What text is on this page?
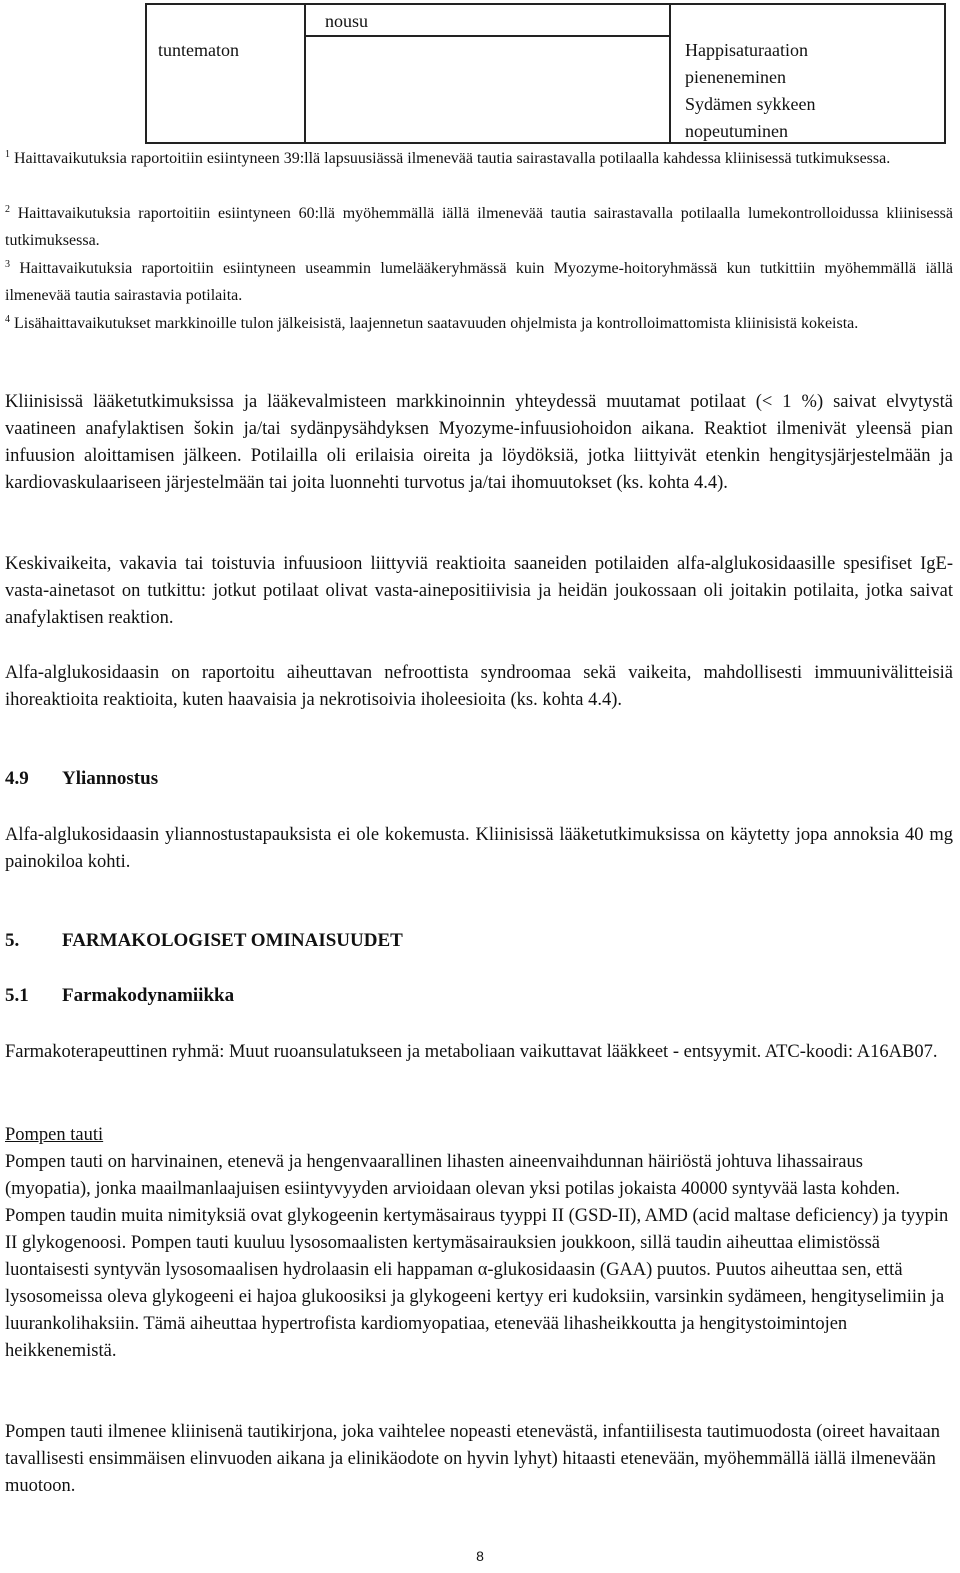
nousu
tuntematon	Happisaturaation
pieneneminen
Sydämen sykkeen
nopeutuminen
$^1$ Haittavaikutuksia raportoitiin esiintyneen 39:llä lapsuusiässä ilmenevää tautia sairastavalla potilaalla kahdessa kliinisessä tutkimuksessa.
$^2$ Haittavaikutuksia raportoitiin esiintyneen 60:llä myöhemmällä iällä ilmenevää tautia sairastavalla potilaalla lumekontrolloidussa kliinisessä tutkimuksessa.
$^3$ Haittavaikutuksia raportoitiin esiintyneen useammin lumelääkeryhmässä kuin Myozyme-hoitoryhmässä kun tutkittiin myöhemmällä iällä ilmenevää tautia sairastavia potilaita.
$^4$ Lisähaittavaikutukset markkinoille tulon jälkeisistä, laajennetun saatavuuden ohjelmista ja kontrolloimattomista kliinisistä kokeista.
Kliinisissä lääketutkimuksissa ja lääkevalmisteen markkinoinnin yhteydessä muutamat potilaat (< 1 %) saivat elvytystä vaatineen anafylaktisen šokin ja/tai sydänpysähdyksen Myozyme-infuusiohoidon aikana. Reaktiot ilmenivät yleensä pian infuusion aloittamisen jälkeen. Potilailla oli erilaisia oireita ja löydöksiä, jotka liittyivät etenkin hengitysjärjestelmään ja kardiovaskulaariseen järjestelmään tai joita luonnehti turvotus ja/tai ihomuutokset (ks. kohta 4.4).
Keskivaikeita, vakavia tai toistuvia infuusioon liittyviä reaktioita saaneiden potilaiden alfa-alglukosidaasille spesifiset IgE-vasta-ainetasot on tutkittu: jotkut potilaat olivat vasta-ainepositiivisia ja heidän joukossaan oli joitakin potilaita, jotka saivat anafylaktisen reaktion.
Alfa-alglukosidaasin on raportoitu aiheuttavan nefroottista syndroomaa sekä vaikeita, mahdollisesti immuunivälitteisiä ihoreaktioita reaktioita, kuten haavaisia ja nekrotisoivia iholeesioita (ks. kohta 4.4).
4.9 Yliannostus
Alfa-alglukosidaasin yliannostustapauksista ei ole kokemusta. Kliinisissä lääketutkimuksissa on käytetty jopa annoksia 40 mg painokiloa kohti.
5. FARMAKOLOGISET OMINAISUUDET
5.1 Farmakodynamiikka
Farmakoterapeuttinen ryhmä: Muut ruoansulatukseen ja metaboliaan vaikuttavat lääkkeet - entsyymit. ATC-koodi: A16AB07.
Pompen tauti
Pompen tauti on harvinainen, etenevä ja hengenvaarallinen lihasten aineenvaihdunnan häiriöstä johtuva lihassairaus (myopatia), jonka maailmanlaajuisen esiintyvyyden arvioidaan olevan yksi potilas jokaista 40000 syntyvää lasta kohden. Pompen taudin muita nimityksiä ovat glykogeenin kertymäsairaus tyyppi II (GSD-II), AMD (acid maltase deficiency) ja tyypin II glykogenoosi. Pompen tauti kuuluu lysosomaalisten kertymäsairauksien joukkoon, sillä taudin aiheuttaa elimistössä luontaisesti syntyvän lysosomaalisen hydrolaasin eli happaman α-glukosidaasin (GAA) puutos. Puutos aiheuttaa sen, että lysosomeissa oleva glykogeeni ei hajoa glukoosiksi ja glykogeeni kertyy eri kudoksiin, varsinkin sydämeen, hengityselimiin ja luurankolihaksiin. Tämä aiheuttaa hypertrofista kardiomyopatiaa, etenevää lihasheikkoutta ja hengitystoimintojen heikkenemistä.
Pompen tauti ilmenee kliinisenä tautikirjona, joka vaihtelee nopeasti etenevästä, infantiilisesta tautimuodosta (oireet havaitaan tavallisesti ensimmäisen elinvuoden aikana ja elinikäodote on hyvin lyhyt) hitaasti etenevään, myöhemmällä iällä ilmenevään muotoon.
8
